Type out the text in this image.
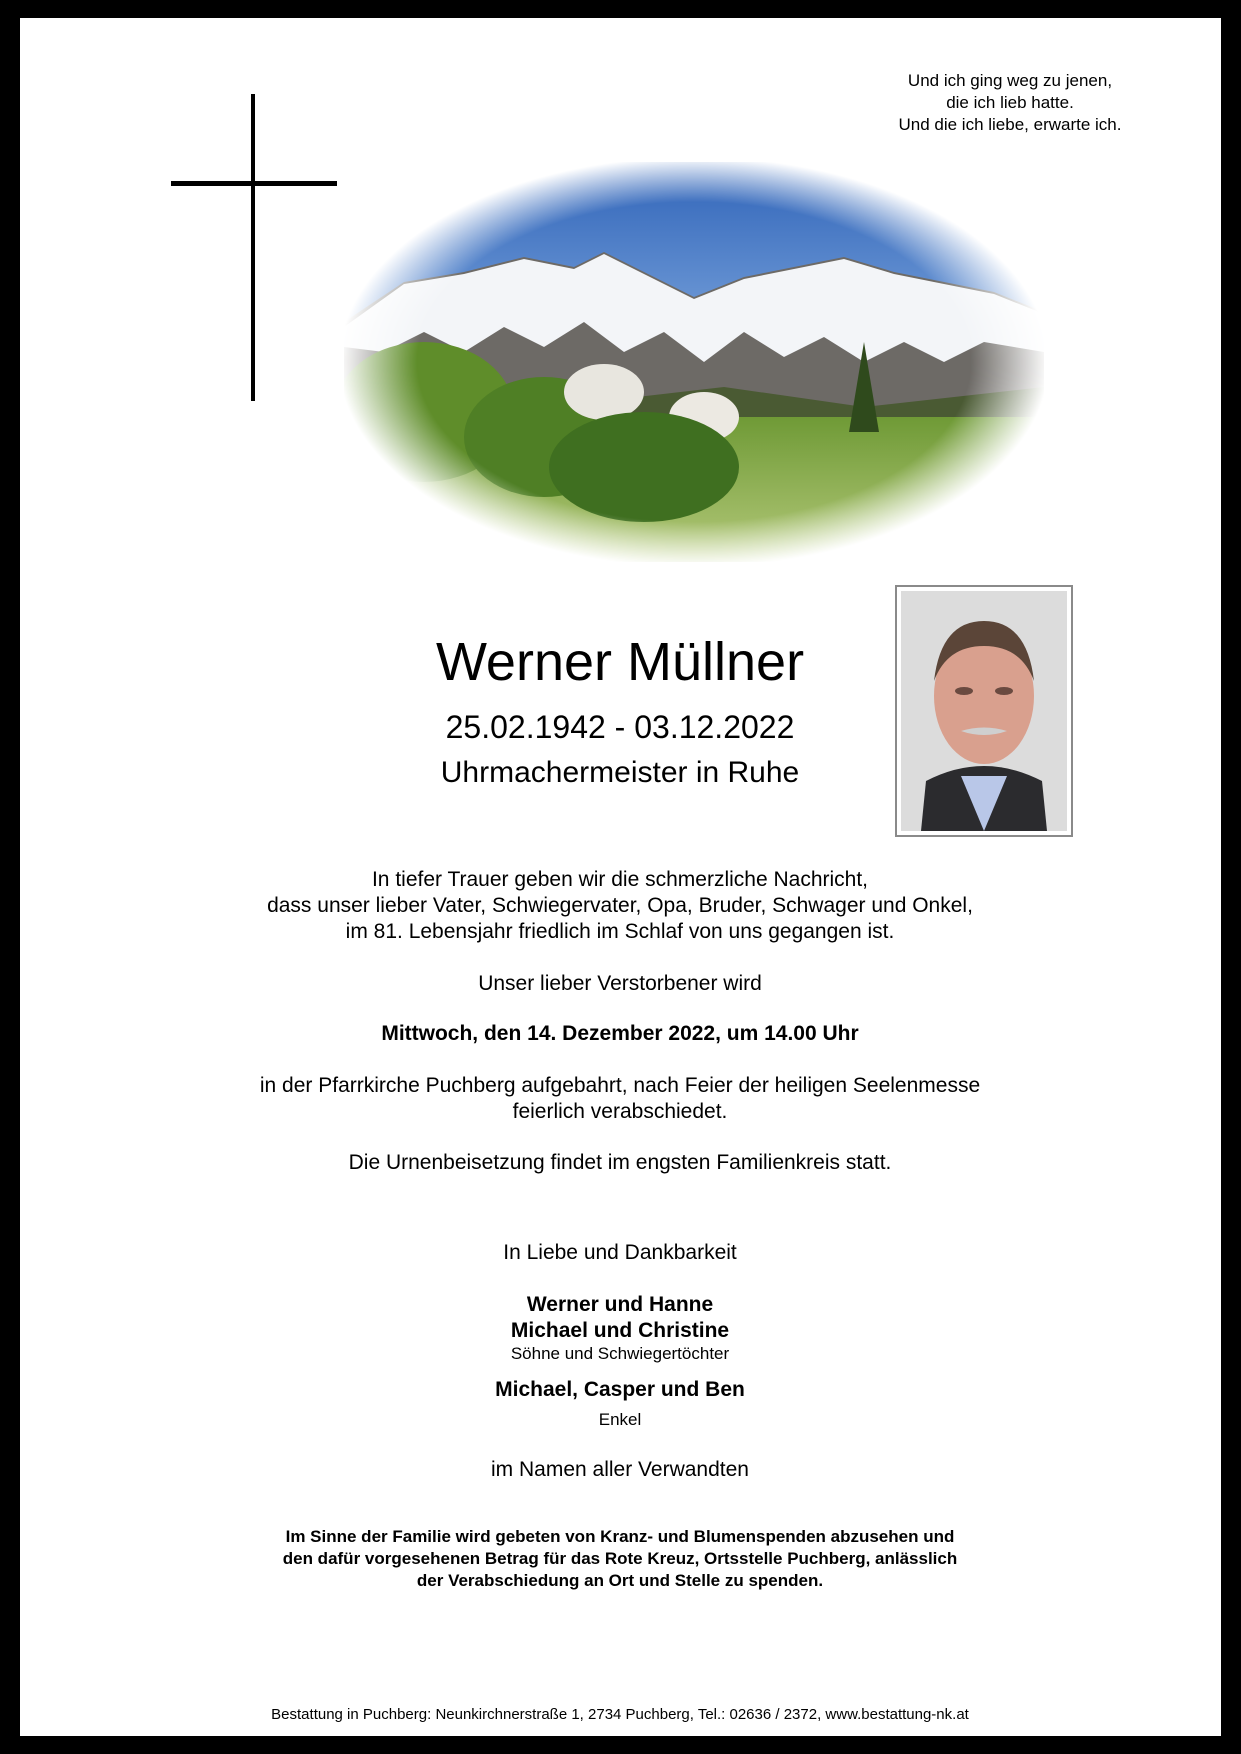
Und ich ging weg zu jenen,
die ich lieb hatte.
Und die ich liebe, erwarte ich.
Werner Müllner
25.02.1942 - 03.12.2022
Uhrmachermeister in Ruhe
In tiefer Trauer geben wir die schmerzliche Nachricht,
dass unser lieber Vater, Schwiegervater, Opa, Bruder, Schwager und Onkel,
im 81. Lebensjahr friedlich im Schlaf von uns gegangen ist.
Unser lieber Verstorbener wird
Mittwoch, den 14. Dezember 2022, um 14.00 Uhr
in der Pfarrkirche Puchberg aufgebahrt, nach Feier der heiligen Seelenmesse
feierlich verabschiedet.
Die Urnenbeisetzung findet im engsten Familienkreis statt.
In Liebe und Dankbarkeit
Werner und Hanne
Michael und Christine
Söhne und Schwiegertöchter
Michael, Casper und Ben
Enkel
im Namen aller Verwandten
Im Sinne der Familie wird gebeten von Kranz- und Blumenspenden abzusehen und
den dafür vorgesehenen Betrag für das Rote Kreuz, Ortsstelle Puchberg, anlässlich
der Verabschiedung an Ort und Stelle zu spenden.
Bestattung in Puchberg: Neunkirchnerstraße 1, 2734 Puchberg, Tel.: 02636 / 2372, www.bestattung-nk.at
